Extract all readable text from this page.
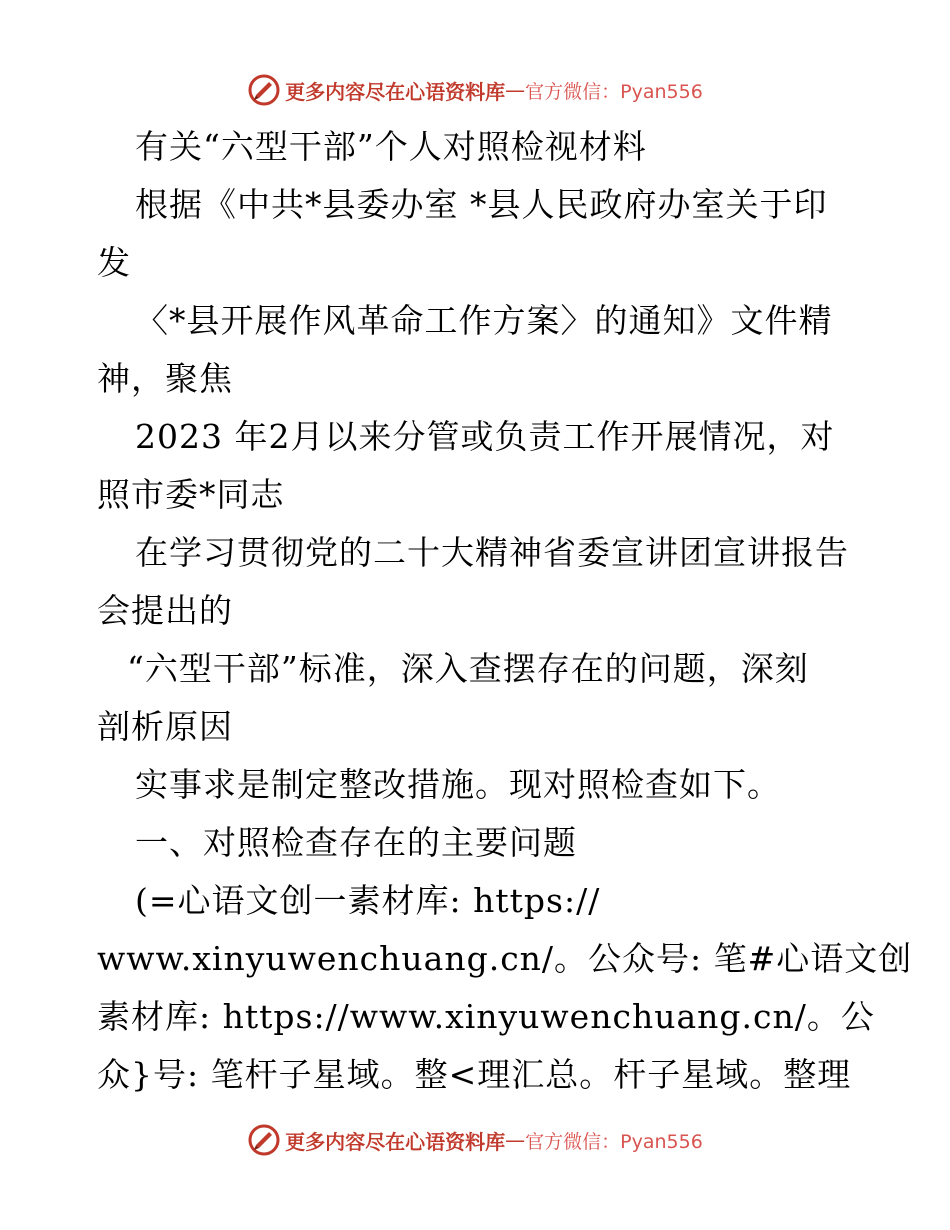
更多内容尽在心语资料库 — 官方微信：Pyan556
有关“六型干部”个人对照检视材料
根据《中共*县委办室 *县人民政府办室关于印
发
〈*县开展作风革命工作方案〉的通知》文件精
神，聚焦
2023 年2月以来分管或负责工作开展情况，对
照市委*同志
在学习贯彻党的二十大精神省委宣讲团宣讲报告
会提出的
“六型干部”标准，深入查摆存在的问题，深刻
剖析原因
实事求是制定整改措施。现对照检查如下。
一、对照检查存在的主要问题
(=心语文创一素材库: https://
www.xinyuwenchuang.cn/。公众号: 笔#心语文创
素材库: https://www.xinyuwenchuang.cn/。公
众}号: 笔杆子星域。整<理汇总。杆子星域。整理
更多内容尽在心语资料库 — 官方微信：Pyan556
